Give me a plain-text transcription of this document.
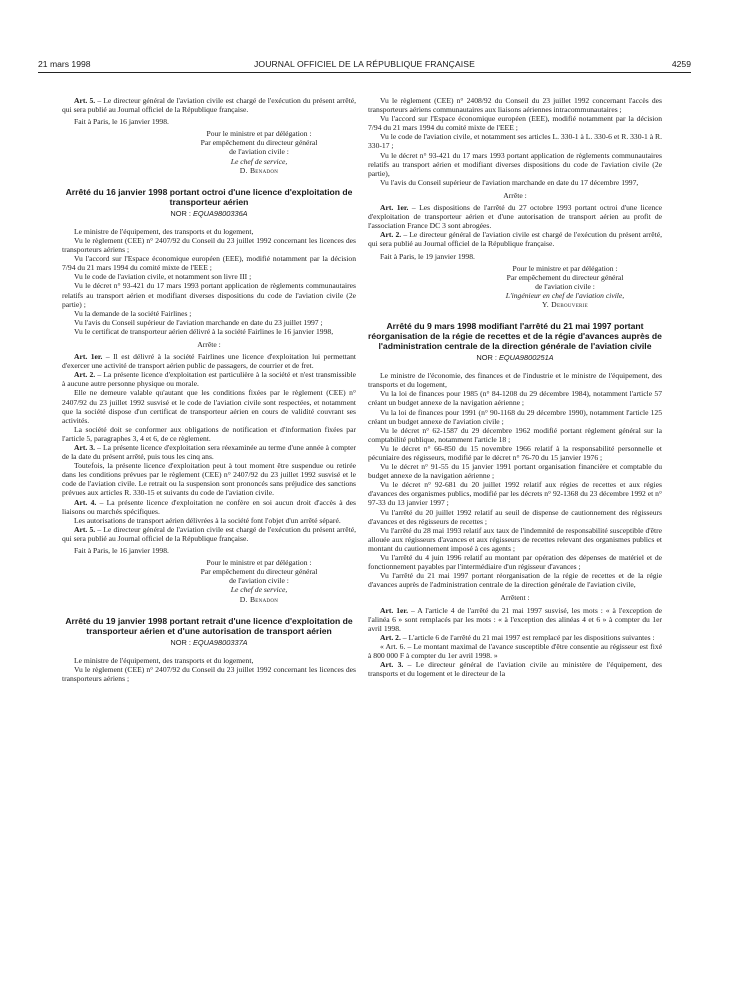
21 mars 1998	JOURNAL OFFICIEL DE LA RÉPUBLIQUE FRANÇAISE	4259

Art. 5. – Le directeur général de l'aviation civile est chargé de l'exécution du présent arrêté, qui sera publié au Journal officiel de la République française.

Fait à Paris, le 16 janvier 1998.

Pour le ministre et par délégation :
Par empêchement du directeur général
de l'aviation civile :
Le chef de service,
D. Benadon

Arrêté du 16 janvier 1998 portant octroi d'une licence d'exploitation de transporteur aérien

NOR : EQUA9800336A

Le ministre de l'équipement, des transports et du logement,

Vu le règlement (CEE) n° 2407/92 du Conseil du 23 juillet 1992 concernant les licences des transporteurs aériens ;

Vu l'accord sur l'Espace économique européen (EEE), modifié notamment par la décision 7/94 du 21 mars 1994 du comité mixte de l'EEE ;

Vu le code de l'aviation civile, et notamment son livre III ;

Vu le décret n° 93-421 du 17 mars 1993 portant application de règlements communautaires relatifs au transport aérien et modifiant diverses dispositions du code de l'aviation civile (2e partie) ;

Vu la demande de la société Fairlines ;

Vu l'avis du Conseil supérieur de l'aviation marchande en date du 23 juillet 1997 ;

Vu le certificat de transporteur aérien délivré à la société Fairlines le 16 janvier 1998,

Arrête :

Art. 1er. – Il est délivré à la société Fairlines une licence d'exploitation lui permettant d'exercer une activité de transport aérien public de passagers, de courrier et de fret.

Art. 2. – La présente licence d'exploitation est particulière à la société et n'est transmissible à aucune autre personne physique ou morale.

Elle ne demeure valable qu'autant que les conditions fixées par le règlement (CEE) n° 2407/92 du 23 juillet 1992 susvisé et le code de l'aviation civile sont respectées, et notamment que la société dispose d'un certificat de transporteur aérien en cours de validité couvrant ses activités.

La société doit se conformer aux obligations de notification et d'information fixées par l'article 5, paragraphes 3, 4 et 6, de ce règlement.

Art. 3. – La présente licence d'exploitation sera réexaminée au terme d'une année à compter de la date du présent arrêté, puis tous les cinq ans.

Toutefois, la présente licence d'exploitation peut à tout moment être suspendue ou retirée dans les conditions prévues par le règlement (CEE) n° 2407/92 du 23 juillet 1992 susvisé et le code de l'aviation civile. Le retrait ou la suspension sont prononcés sans préjudice des sanctions prévues aux articles R. 330-15 et suivants du code de l'aviation civile.

Art. 4. – La présente licence d'exploitation ne confère en soi aucun droit d'accès à des liaisons ou marchés spécifiques.

Les autorisations de transport aérien délivrées à la société font l'objet d'un arrêté séparé.

Art. 5. – Le directeur général de l'aviation civile est chargé de l'exécution du présent arrêté, qui sera publié au Journal officiel de la République française.

Fait à Paris, le 16 janvier 1998.

Pour le ministre et par délégation :
Par empêchement du directeur général
de l'aviation civile :
Le chef de service,
D. Benadon

Arrêté du 19 janvier 1998 portant retrait d'une licence d'exploitation de transporteur aérien et d'une autorisation de transport aérien

NOR : EQUA9800337A

Le ministre de l'équipement, des transports et du logement,

Vu le règlement (CEE) n° 2407/92 du Conseil du 23 juillet 1992 concernant les licences des transporteurs aériens ;

Vu le règlement (CEE) n° 2408/92 du Conseil du 23 juillet 1992 concernant l'accès des transporteurs aériens communautaires aux liaisons aériennes intracommunautaires ;

Vu l'accord sur l'Espace économique européen (EEE), modifié notamment par la décision 7/94 du 21 mars 1994 du comité mixte de l'EEE ;

Vu le code de l'aviation civile, et notamment ses articles L. 330-1 à L. 330-6 et R. 330-1 à R. 330-17 ;

Vu le décret n° 93-421 du 17 mars 1993 portant application de règlements communautaires relatifs au transport aérien et modifiant diverses dispositions du code de l'aviation civile (2e partie),

Vu l'avis du Conseil supérieur de l'aviation marchande en date du 17 décembre 1997,

Arrête :

Art. 1er. – Les dispositions de l'arrêté du 27 octobre 1993 portant octroi d'une licence d'exploitation de transporteur aérien et d'une autorisation de transport aérien au profit de l'association France DC 3 sont abrogées.

Art. 2. – Le directeur général de l'aviation civile est chargé de l'exécution du présent arrêté, qui sera publié au Journal officiel de la République française.

Fait à Paris, le 19 janvier 1998.

Pour le ministre et par délégation :
Par empêchement du directeur général
de l'aviation civile :
L'ingénieur en chef de l'aviation civile,
Y. Debouverie

Arrêté du 9 mars 1998 modifiant l'arrêté du 21 mai 1997 portant réorganisation de la régie de recettes et de la régie d'avances auprès de l'administration centrale de la direction générale de l'aviation civile

NOR : EQUA9800251A

Le ministre de l'économie, des finances et de l'industrie et le ministre de l'équipement, des transports et du logement,

Vu la loi de finances pour 1985 (n° 84-1208 du 29 décembre 1984), notamment l'article 57 créant un budget annexe de la navigation aérienne ;

Vu la loi de finances pour 1991 (n° 90-1168 du 29 décembre 1990), notamment l'article 125 créant un budget annexe de l'aviation civile ;

Vu le décret n° 62-1587 du 29 décembre 1962 modifié portant règlement général sur la comptabilité publique, notamment l'article 18 ;

Vu le décret n° 66-850 du 15 novembre 1966 relatif à la responsabilité personnelle et pécuniaire des régisseurs, modifié par le décret n° 76-70 du 15 janvier 1976 ;

Vu le décret n° 91-55 du 15 janvier 1991 portant organisation financière et comptable du budget annexe de la navigation aérienne ;

Vu le décret n° 92-681 du 20 juillet 1992 relatif aux régies de recettes et aux régies d'avances des organismes publics, modifié par les décrets n° 92-1368 du 23 décembre 1992 et n° 97-33 du 13 janvier 1997 ;

Vu l'arrêté du 20 juillet 1992 relatif au seuil de dispense de cautionnement des régisseurs d'avances et des régisseurs de recettes ;

Vu l'arrêté du 28 mai 1993 relatif aux taux de l'indemnité de responsabilité susceptible d'être allouée aux régisseurs d'avances et aux régisseurs de recettes relevant des organismes publics et montant du cautionnement imposé à ces agents ;

Vu l'arrêté du 4 juin 1996 relatif au montant par opération des dépenses de matériel et de fonctionnement payables par l'intermédiaire d'un régisseur d'avances ;

Vu l'arrêté du 21 mai 1997 portant réorganisation de la régie de recettes et de la régie d'avances auprès de l'administration centrale de la direction générale de l'aviation civile,

Arrêtent :

Art. 1er. – A l'article 4 de l'arrêté du 21 mai 1997 susvisé, les mots : « à l'exception de l'alinéa 6 » sont remplacés par les mots : « à l'exception des alinéas 4 et 6 » à compter du 1er avril 1998.

Art. 2. – L'article 6 de l'arrêté du 21 mai 1997 est remplacé par les dispositions suivantes :

« Art. 6. – Le montant maximal de l'avance susceptible d'être consentie au régisseur est fixé à 800 000 F à compter du 1er avril 1998. »

Art. 3. – Le directeur général de l'aviation civile au ministère de l'équipement, des transports et du logement et le directeur de la
